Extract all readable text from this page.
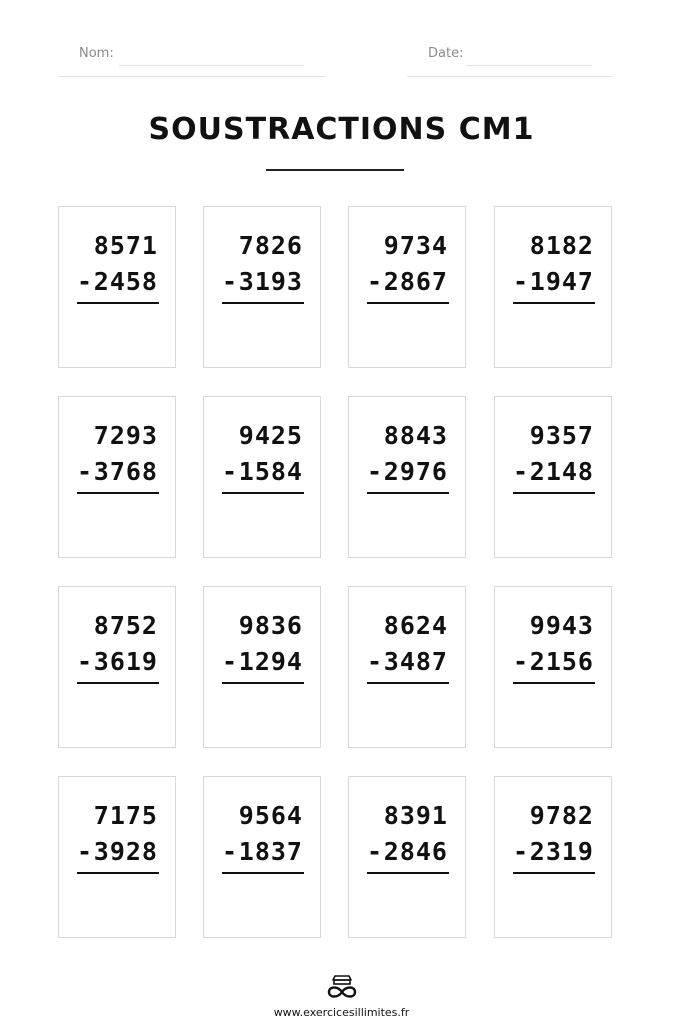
Nom:	Date:
SOUSTRACTIONS CM1
8571
- 2458
7826
- 3193
9734
- 2867
8182
- 1947
7293
- 3768
9425
- 1584
8843
- 2976
9357
- 2148
8752
- 3619
9836
- 1294
8624
- 3487
9943
- 2156
7175
- 3928
9564
- 1837
8391
- 2846
9782
- 2319
www.exercicesillimites.fr
